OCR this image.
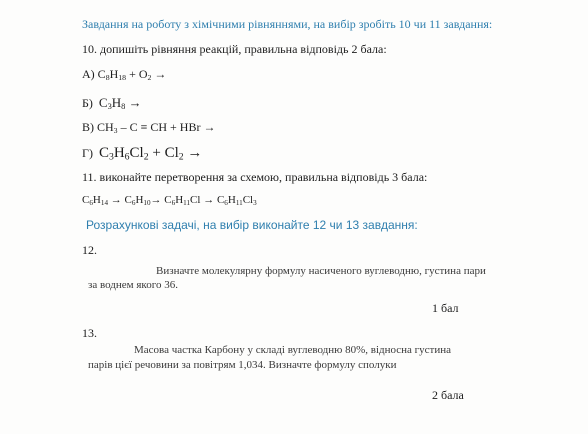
Завдання на роботу з хімічними рівняннями, на вибір зробіть 10 чи 11 завдання:
10. допишіть рівняння реакцій, правильна відповідь 2 бала:
А) $C_8H_{18} + O_2$ →
Б) $C_3H_8$ →
В) $CH_3$ – C ≡ CH + HBr →
Г) $C_3H_6Cl_2 + Cl_2$ →
11. виконайте перетворення за схемою, правильна відповідь 3 бала:
$C_6H_{14} \to C_6H_{10}\to C_6H_{11}Cl \to C_6H_{11}Cl_3$
Розрахункові задачі, на вибір виконайте 12 чи 13 завдання:
12.
Визначте молекулярну формулу насиченого вуглеводню, густина пари
за воднем якого 36.
1 бал
13.
Масова частка Карбону у складі вуглеводню 80%, відносна густина
парів цієї речовини за повітрям 1,034. Визначте формулу сполуки
2 бала
